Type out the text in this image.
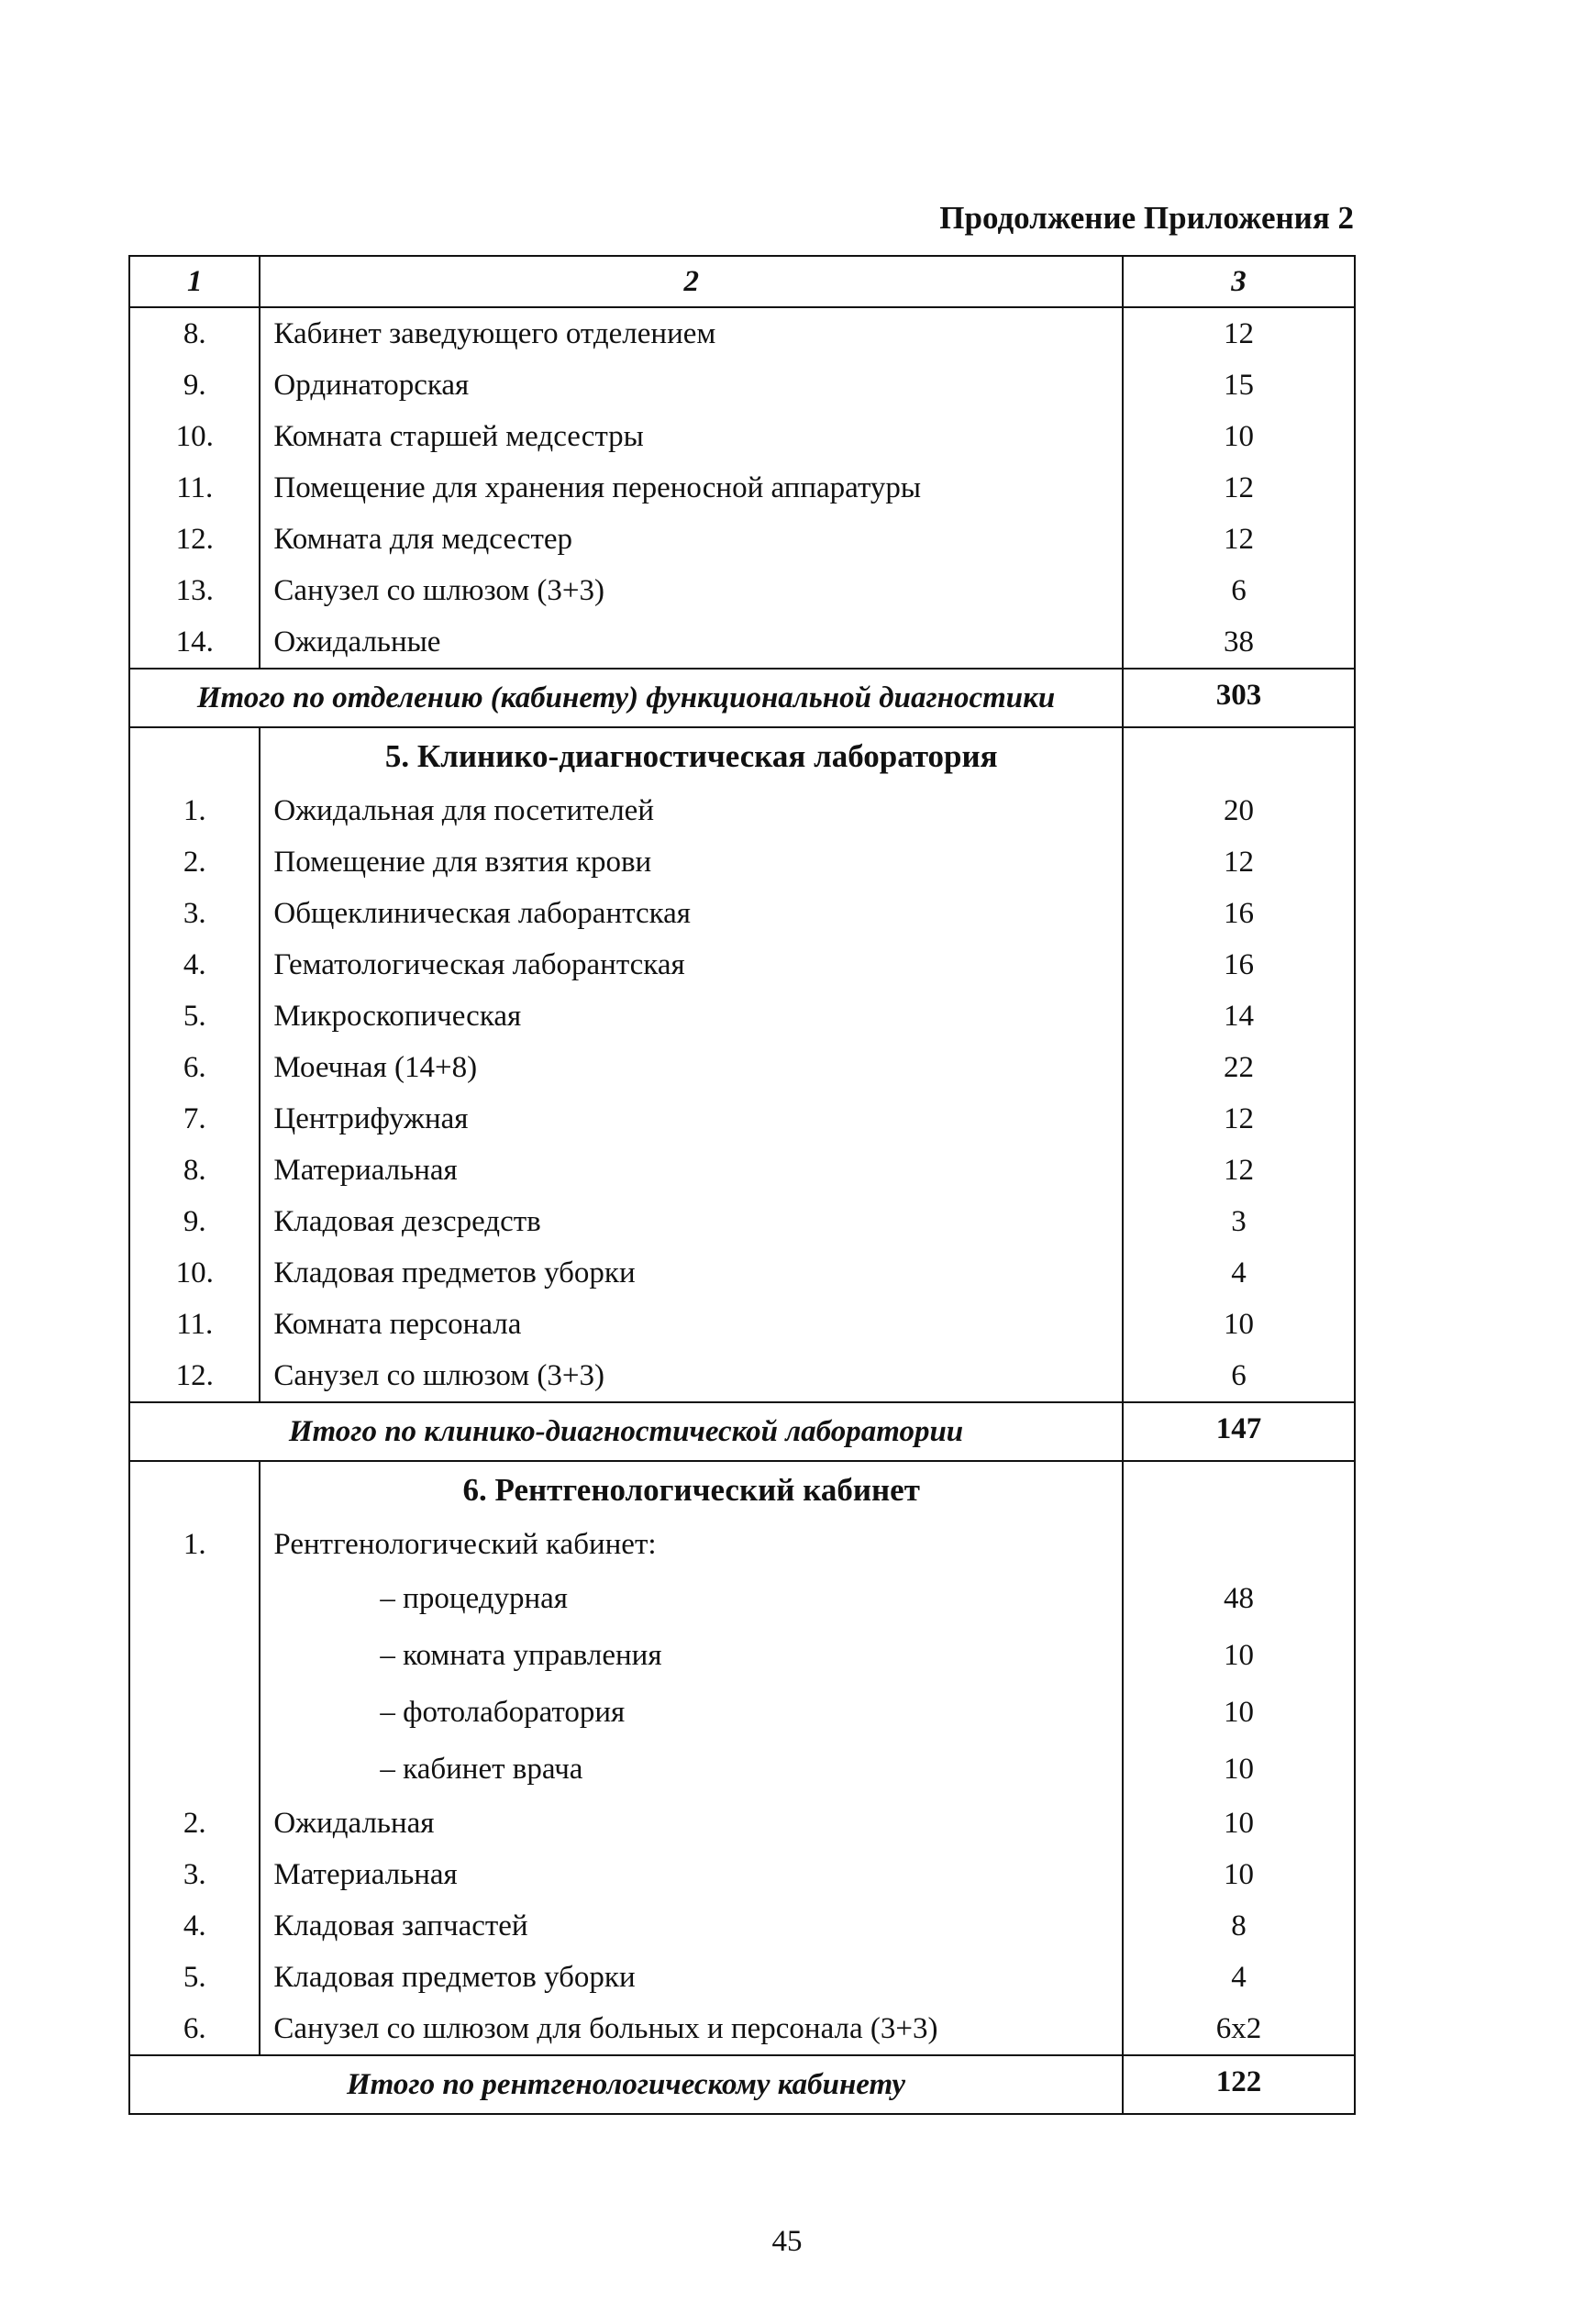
Продолжение Приложения 2
1	2	3
8.	Кабинет заведующего отделением	12
9.	Ординаторская	15
10.	Комната старшей медсестры	10
11.	Помещение для хранения переносной аппаратуры	12
12.	Комната для медсестер	12
13.	Санузел со шлюзом (3+3)	6
14.	Ожидальные	38
Итого по отделению (кабинету) функциональной диагностики		303
	5. Клинико-диагностическая лаборатория	
1.	Ожидальная для посетителей	20
2.	Помещение для взятия крови	12
3.	Общеклиническая лаборантская	16
4.	Гематологическая лаборантская	16
5.	Микроскопическая	14
6.	Моечная (14+8)	22
7.	Центрифужная	12
8.	Материальная	12
9.	Кладовая дезсредств	3
10.	Кладовая предметов уборки	4
11.	Комната персонала	10
12.	Санузел со шлюзом (3+3)	6
Итого по клинико-диагностической лаборатории		147
	6. Рентгенологический кабинет	
1.	Рентгенологический кабинет:	
	– процедурная	48
	– комната управления	10
	– фотолаборатория	10
	– кабинет врача	10
2.	Ожидальная	10
3.	Материальная	10
4.	Кладовая запчастей	8
5.	Кладовая предметов уборки	4
6.	Санузел со шлюзом для больных и персонала (3+3)	6х2
Итого по рентгенологическому кабинету		122
45
